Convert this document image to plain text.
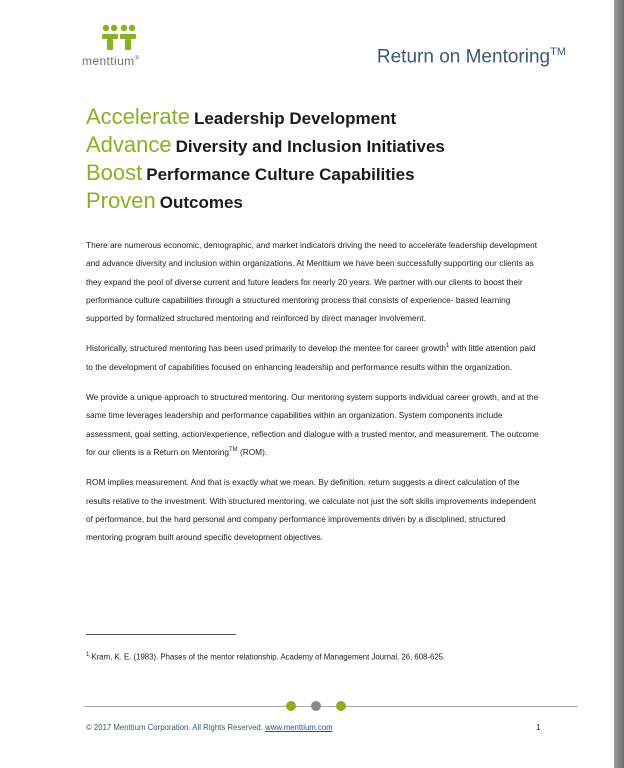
menttium®	Return on Mentoring™
Accelerate Leadership Development
Advance Diversity and Inclusion Initiatives
Boost Performance Culture Capabilities
Proven Outcomes

There are numerous economic, demographic, and market indicators driving the need to accelerate leadership development and advance diversity and inclusion within organizations. At Menttium we have been successfully supporting our clients as they expand the pool of diverse current and future leaders for nearly 20 years. We partner with our clients to boost their performance culture capabilities through a structured mentoring process that consists of experience- based learning supported by formalized structured mentoring and reinforced by direct manager involvement.

Historically, structured mentoring has been used primarily to develop the mentee for career growth$^1$ with little attention paid to the development of capabilities focused on enhancing leadership and performance results within the organization.

We provide a unique approach to structured mentoring. Our mentoring system supports individual career growth, and at the same time leverages leadership and performance capabilities within an organization. System components include assessment, goal setting, action/experience, reflection and dialogue with a trusted mentor, and measurement. The outcome for our clients is a Return on Mentoring™ (ROM).

ROM implies measurement. And that is exactly what we mean. By definition, return suggests a direct calculation of the results relative to the investment. With structured mentoring, we calculate not just the soft skills improvements independent of performance, but the hard personal and company performance improvements driven by a disciplined, structured mentoring program built around specific development objectives.

$^1$ Kram, K. E. (1983). Phases of the mentor relationship. Academy of Management Journal, 26, 608-625.
© 2017 Menttium Corporation. All Rights Reserved. www.menttium.com	1
